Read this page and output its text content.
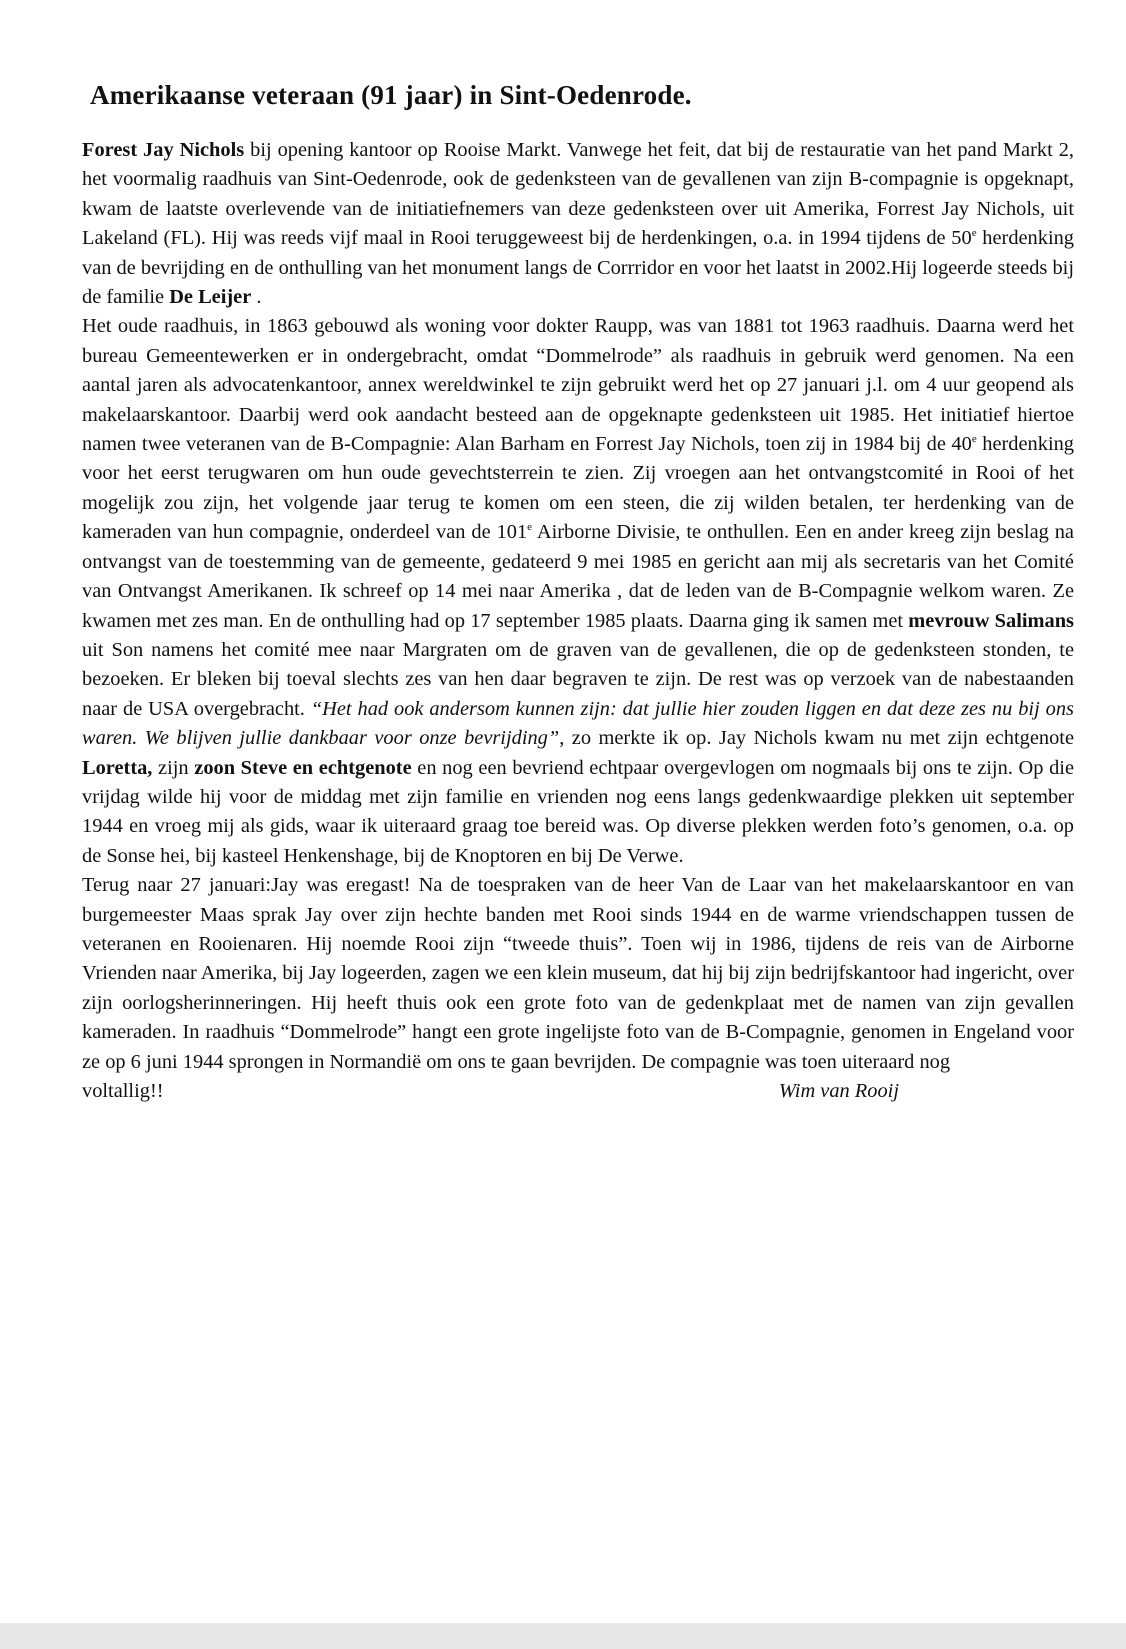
Amerikaanse veteraan (91 jaar) in Sint-Oedenrode.

Forest Jay Nichols bij opening kantoor op Rooise Markt. Vanwege het feit, dat bij de restauratie van het pand Markt 2, het voormalig raadhuis van Sint-Oedenrode, ook de gedenksteen van de gevallenen van zijn B-compagnie is opgeknapt, kwam de laatste overlevende van de initiatiefnemers van deze gedenksteen over uit Amerika, Forrest Jay Nichols, uit Lakeland (FL). Hij was reeds vijf maal in Rooi teruggeweest bij de herdenkingen, o.a. in 1994 tijdens de 50e herdenking van de bevrijding en de onthulling van het monument langs de Corrridor en voor het laatst in 2002.Hij logeerde steeds bij de familie De Leijer .

Het oude raadhuis, in 1863 gebouwd als woning voor dokter Raupp, was van 1881 tot 1963 raadhuis. Daarna werd het bureau Gemeentewerken er in ondergebracht, omdat “Dommelrode” als raadhuis in gebruik werd genomen. Na een aantal jaren als advocatenkantoor, annex wereldwinkel te zijn gebruikt werd het op 27 januari j.l. om 4 uur geopend als makelaarskantoor. Daarbij werd ook aandacht besteed aan de opgeknapte gedenksteen uit 1985. Het initiatief hiertoe namen twee veteranen van de B-Compagnie: Alan Barham en Forrest Jay Nichols, toen zij in 1984 bij de 40e herdenking voor het eerst terugwaren om hun oude gevechtsterrein te zien. Zij vroegen aan het ontvangstcomité in Rooi of het mogelijk zou zijn, het volgende jaar terug te komen om een steen, die zij wilden betalen, ter herdenking van de kameraden van hun compagnie, onderdeel van de 101e Airborne Divisie, te onthullen. Een en ander kreeg zijn beslag na ontvangst van de toestemming van de gemeente, gedateerd 9 mei 1985 en gericht aan mij als secretaris van het Comité van Ontvangst Amerikanen. Ik schreef op 14 mei naar Amerika , dat de leden van de B-Compagnie welkom waren. Ze kwamen met zes man. En de onthulling had op 17 september 1985 plaats. Daarna ging ik samen met mevrouw Salimans uit Son namens het comité mee naar Margraten om de graven van de gevallenen, die op de gedenksteen stonden, te bezoeken. Er bleken bij toeval slechts zes van hen daar begraven te zijn. De rest was op verzoek van de nabestaanden naar de USA overgebracht. “Het had ook andersom kunnen zijn: dat jullie hier zouden liggen en dat deze zes nu bij ons waren. We blijven jullie dankbaar voor onze bevrijding”, zo merkte ik op. Jay Nichols kwam nu met zijn echtgenote Loretta, zijn zoon Steve en echtgenote en nog een bevriend echtpaar overgevlogen om nogmaals bij ons te zijn. Op die vrijdag wilde hij voor de middag met zijn familie en vrienden nog eens langs gedenkwaardige plekken uit september 1944 en vroeg mij als gids, waar ik uiteraard graag toe bereid was. Op diverse plekken werden foto’s genomen, o.a. op de Sonse hei, bij kasteel Henkenshage, bij de Knoptoren en bij De Verwe.

Terug naar 27 januari:Jay was eregast! Na de toespraken van de heer Van de Laar van het makelaarskantoor en van burgemeester Maas sprak Jay over zijn hechte banden met Rooi sinds 1944 en de warme vriendschappen tussen de veteranen en Rooienaren. Hij noemde Rooi zijn “tweede thuis”. Toen wij in 1986, tijdens de reis van de Airborne Vrienden naar Amerika, bij Jay logeerden, zagen we een klein museum, dat hij bij zijn bedrijfskantoor had ingericht, over zijn oorlogsherinneringen. Hij heeft thuis ook een grote foto van de gedenkplaat met de namen van zijn gevallen kameraden. In raadhuis “Dommelrode” hangt een grote ingelijste foto van de B-Compagnie, genomen in Engeland voor ze op 6 juni 1944 sprongen in Normandië om ons te gaan bevrijden. De compagnie was toen uiteraard nog

voltallig!!	Wim van Rooij
